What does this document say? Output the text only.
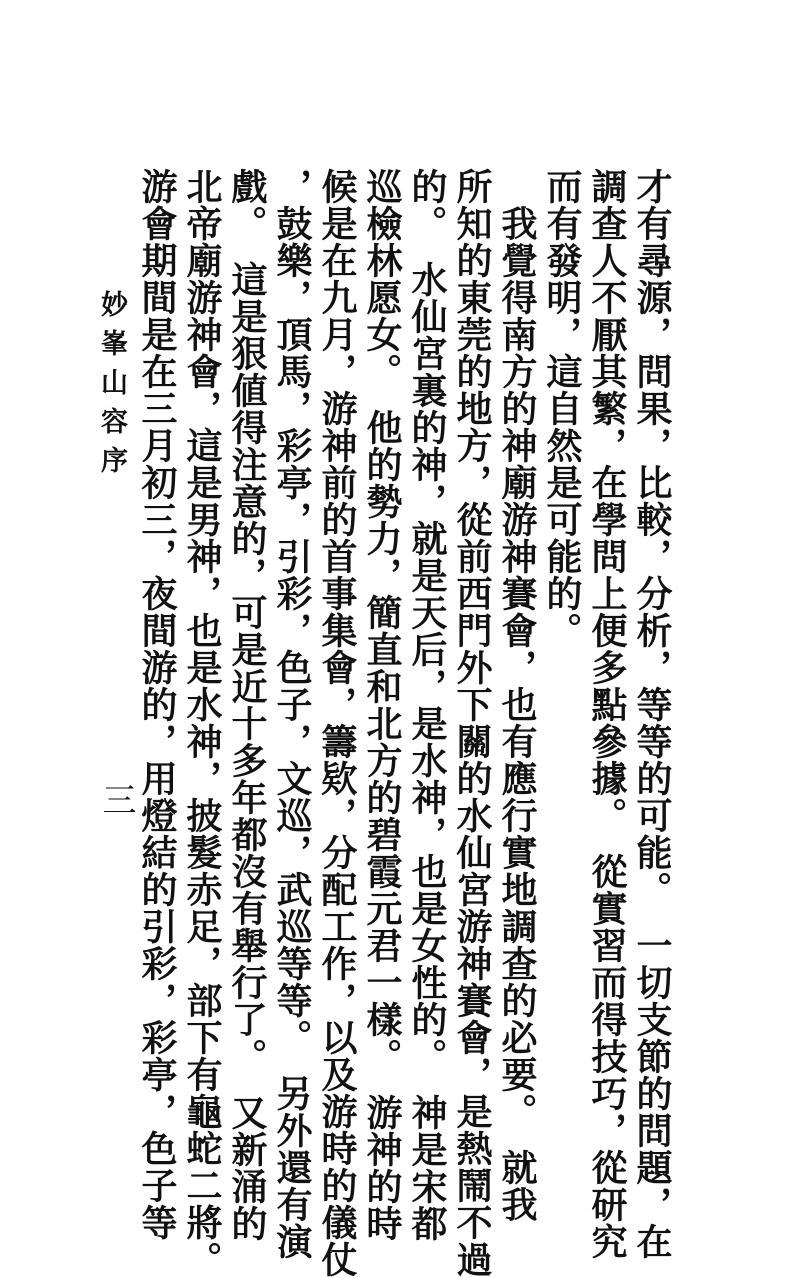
才有尋源，問果，比較，分析，等等的可能。　一切支節的問題，在
調查人不厭其繁，在學問上便多點參據。　從實習而得技巧，從研究
而有發明，這自然是可能的。
　我覺得南方的神廟游神賽會，也有應行實地調查的必要。　就我
所知的東莞的地方，從前西門外下關的水仙宮游神賽會，是熱鬧不過
的。　水仙宮裏的神，就是天后，是水神，也是女性的。　神是宋都
巡檢林愿女。　他的勢力，簡直和北方的碧霞元君一樣。　游神的時
候是在九月，游神前的首事集會，籌欵，分配工作，以及游時的儀仗
，鼓樂，頂馬，彩亭，引彩，色子，文巡，武巡等等。　另外還有演
戲。　這是狠値得注意的，可是近十多年都沒有舉行了。　又新涌的
北帝廟游神會，這是男神，也是水神，披髮赤足，部下有龜蛇二將。
游會期間是在三月初三，夜間游的，用燈結的引彩，彩亭，色子等
妙峯山容序
三
